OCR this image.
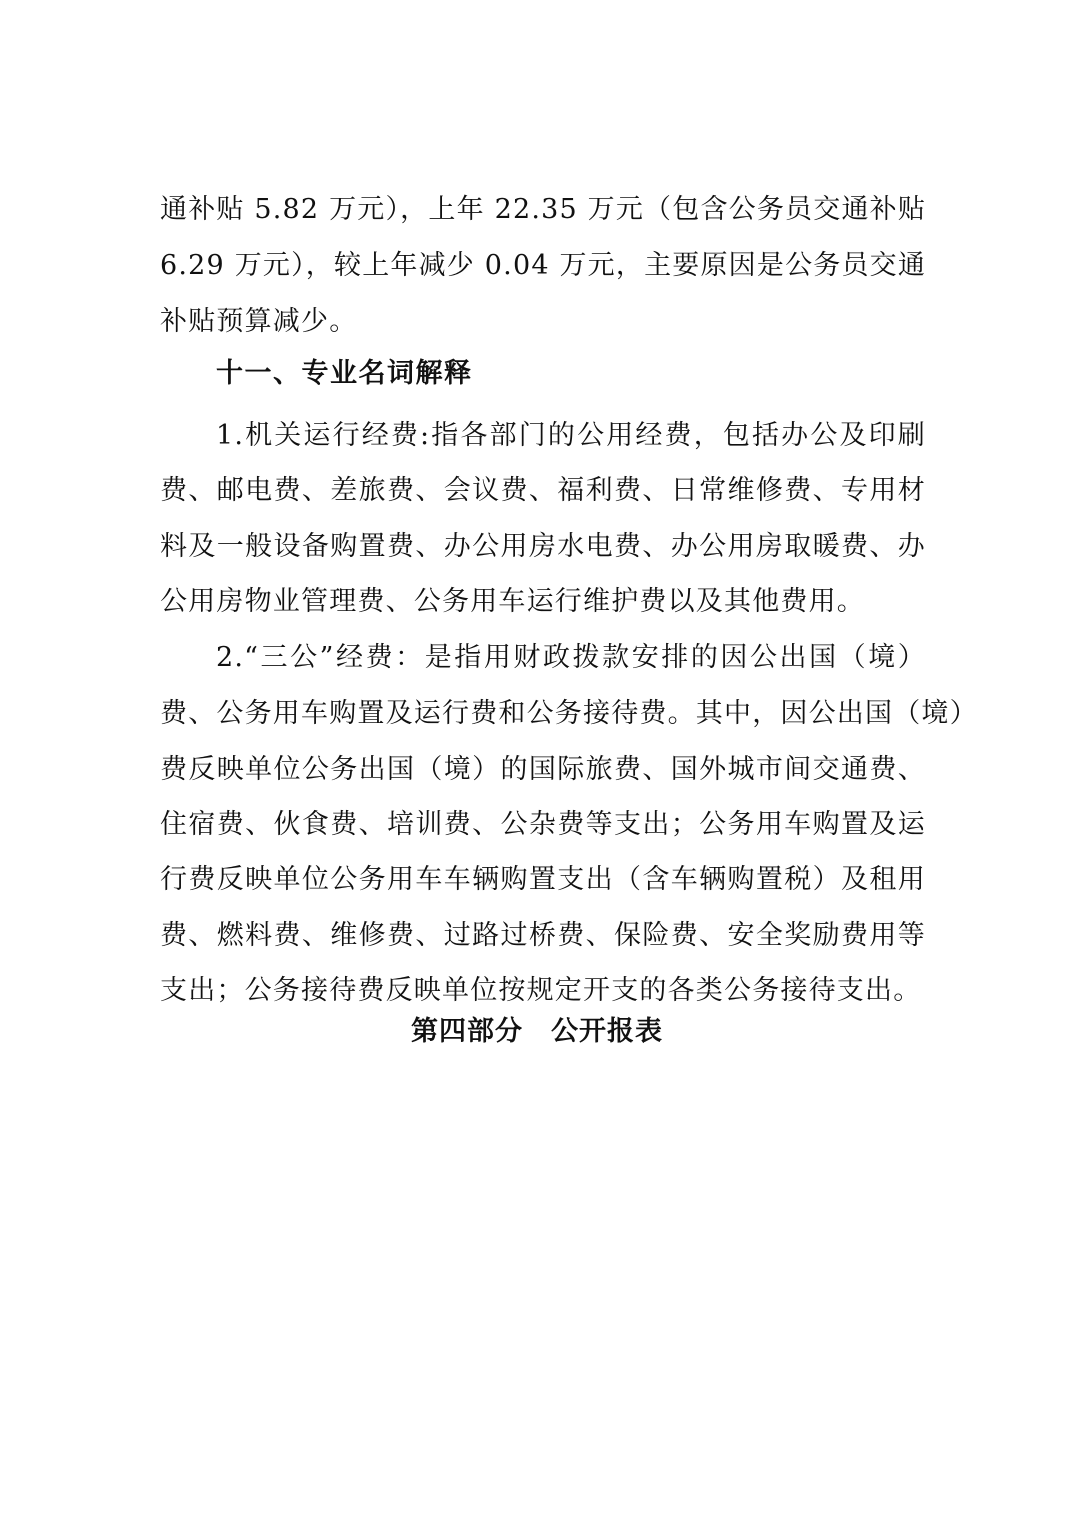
通补贴 5.82 万元），上年 22.35 万元（包含公务员交通补贴
6.29 万元），较上年减少 0.04 万元，主要原因是公务员交通
补贴预算减少。
十一、专业名词解释
1.机关运行经费:指各部门的公用经费，包括办公及印刷
费、邮电费、差旅费、会议费、福利费、日常维修费、专用材
料及一般设备购置费、办公用房水电费、办公用房取暖费、办
公用房物业管理费、公务用车运行维护费以及其他费用。
2.“三公”经费：是指用财政拨款安排的因公出国（境）
费、公务用车购置及运行费和公务接待费。其中，因公出国（境）
费反映单位公务出国（境）的国际旅费、国外城市间交通费、
住宿费、伙食费、培训费、公杂费等支出；公务用车购置及运
行费反映单位公务用车车辆购置支出（含车辆购置税）及租用
费、燃料费、维修费、过路过桥费、保险费、安全奖励费用等
支出；公务接待费反映单位按规定开支的各类公务接待支出。
第四部分　公开报表
